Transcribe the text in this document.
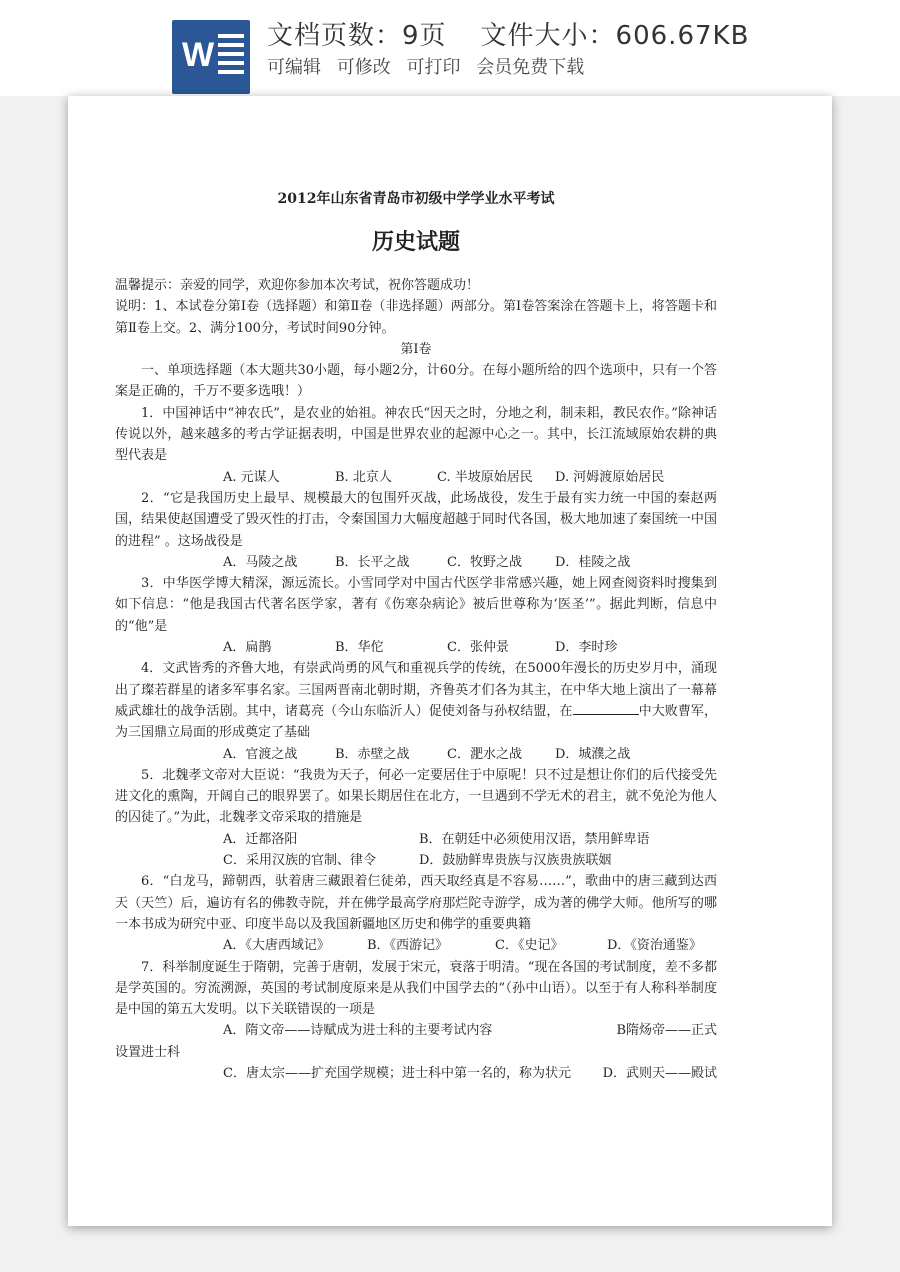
W 文档页数：9页 文件大小：606.67KB
可编辑 可修改 可打印 会员免费下载
2012年山东省青岛市初级中学学业水平考试
历史试题

温馨提示：亲爱的同学，欢迎你参加本次考试，祝你答题成功！

说明：1、本试卷分第Ⅰ卷（选择题）和第Ⅱ卷（非选择题）两部分。第Ⅰ卷答案涂在答题卡上，将答题卡和第Ⅱ卷上交。2、满分100分，考试时间90分钟。

第Ⅰ卷

一、单项选择题（本大题共30小题，每小题2分，计60分。在每小题所给的四个选项中，只有一个答案是正确的，千万不要多选哦！）

1．中国神话中“神农氏”，是农业的始祖。神农氏“因天之时，分地之利，制耒耜，教民农作。”除神话传说以外，越来越多的考古学证据表明，中国是世界农业的起源中心之一。其中，长江流域原始农耕的典型代表是

A. 元谋人	B. 北京人	C. 半坡原始居民 D. 河姆渡原始居民

2．“它是我国历史上最早、规模最大的包围歼灭战，此场战役，发生于最有实力统一中国的秦赵两国，结果使赵国遭受了毁灭性的打击，令秦国国力大幅度超越于同时代各国，极大地加速了秦国统一中国的进程” 。这场战役是

A．马陵之战	B．长平之战	C．牧野之战	D．桂陵之战

3．中华医学博大精深，源远流长。小雪同学对中国古代医学非常感兴趣，她上网查阅资料时搜集到如下信息：“他是我国古代著名医学家，著有《伤寒杂病论》被后世尊称为‘医圣’”。据此判断，信息中的“他”是

A．扁鹊	B．华佗	C．张仲景	D．李时珍

4．文武皆秀的齐鲁大地，有崇武尚勇的风气和重视兵学的传统，在5000年漫长的历史岁月中，涌现出了璨若群星的诸多军事名家。三国两晋南北朝时期，齐鲁英才们各为其主，在中华大地上演出了一幕幕威武雄壮的战争活剧。其中，诸葛亮（今山东临沂人）促使刘备与孙权结盟，在	中大败曹军，为三国鼎立局面的形成奠定了基础

A．官渡之战	B．赤壁之战	C．淝水之战	D．城濮之战

5．北魏孝文帝对大臣说：“我贵为天子，何必一定要居住于中原呢！只不过是想让你们的后代接受先进文化的熏陶，开阔自己的眼界罢了。如果长期居住在北方，一旦遇到不学无术的君主，就不免沦为他人的囚徒了。”为此，北魏孝文帝采取的措施是

A．迁都洛阳	B．在朝廷中必须使用汉语，禁用鲜卑语

C．采用汉族的官制、律令	D．鼓励鲜卑贵族与汉族贵族联姻

6．“白龙马，蹄朝西，驮着唐三藏跟着仨徒弟，西天取经真是不容易……”，歌曲中的唐三藏到达西天（天竺）后，遍访有名的佛教寺院，并在佛学最高学府那烂陀寺游学，成为著的佛学大师。他所写的哪一本书成为研究中亚、印度半岛以及我国新疆地区历史和佛学的重要典籍

A．《大唐西域记》	B．《西游记》	C．《史记》	D．《资治通鉴》

7．科举制度诞生于隋朝，完善于唐朝，发展于宋元，衰落于明清。“现在各国的考试制度，差不多都是学英国的。穷流溯源，英国的考试制度原来是从我们中国学去的”（孙中山语）。以至于有人称科举制度是中国的第五大发明。以下关联错误的一项是

A．隋文帝——诗赋成为进士科的主要考试内容	B隋炀帝——正式

设置进士科

C．唐太宗——扩充国学规模；进士科中第一名的，称为状元 D．武则天——殿试
